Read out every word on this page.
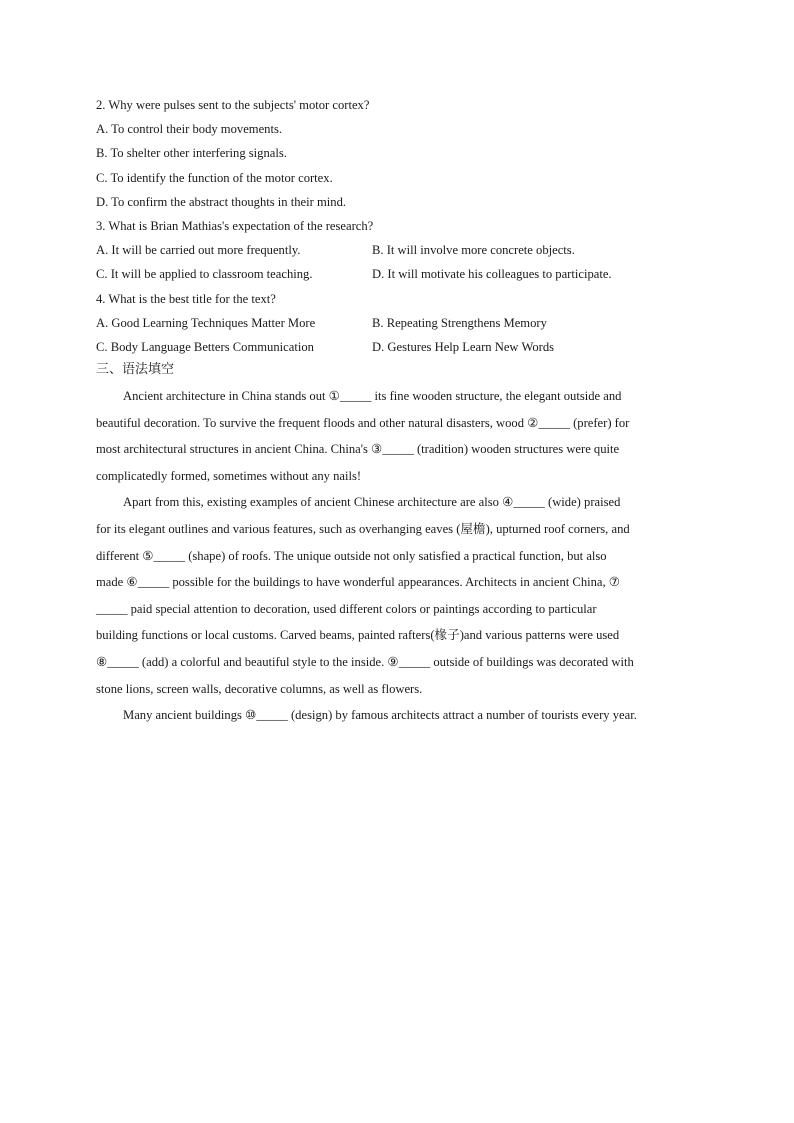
2. Why were pulses sent to the subjects' motor cortex?
A. To control their body movements.
B. To shelter other interfering signals.
C. To identify the function of the motor cortex.
D. To confirm the abstract thoughts in their mind.
3. What is Brian Mathias's expectation of the research?
A. It will be carried out more frequently.	B. It will involve more concrete objects.
C. It will be applied to classroom teaching.	D. It will motivate his colleagues to participate.
4. What is the best title for the text?
A. Good Learning Techniques Matter More	B. Repeating Strengthens Memory
C. Body Language Betters Communication	D. Gestures Help Learn New Words
三、语法填空
Ancient architecture in China stands out ①_____ its fine wooden structure, the elegant outside and
beautiful decoration. To survive the frequent floods and other natural disasters, wood ②_____ (prefer) for
most architectural structures in ancient China. China's ③_____ (tradition) wooden structures were quite
complicatedly formed, sometimes without any nails!
Apart from this, existing examples of ancient Chinese architecture are also ④_____ (wide) praised
for its elegant outlines and various features, such as overhanging eaves (屋檐), upturned roof corners, and
different ⑤_____ (shape) of roofs. The unique outside not only satisfied a practical function, but also
made ⑥_____ possible for the buildings to have wonderful appearances. Architects in ancient China, ⑦
_____ paid special attention to decoration, used different colors or paintings according to particular
building functions or local customs. Carved beams, painted rafters(椽子)and various patterns were used
⑧_____ (add) a colorful and beautiful style to the inside. ⑨_____ outside of buildings was decorated with
stone lions, screen walls, decorative columns, as well as flowers.
Many ancient buildings ⑩_____ (design) by famous architects attract a number of tourists every year.
